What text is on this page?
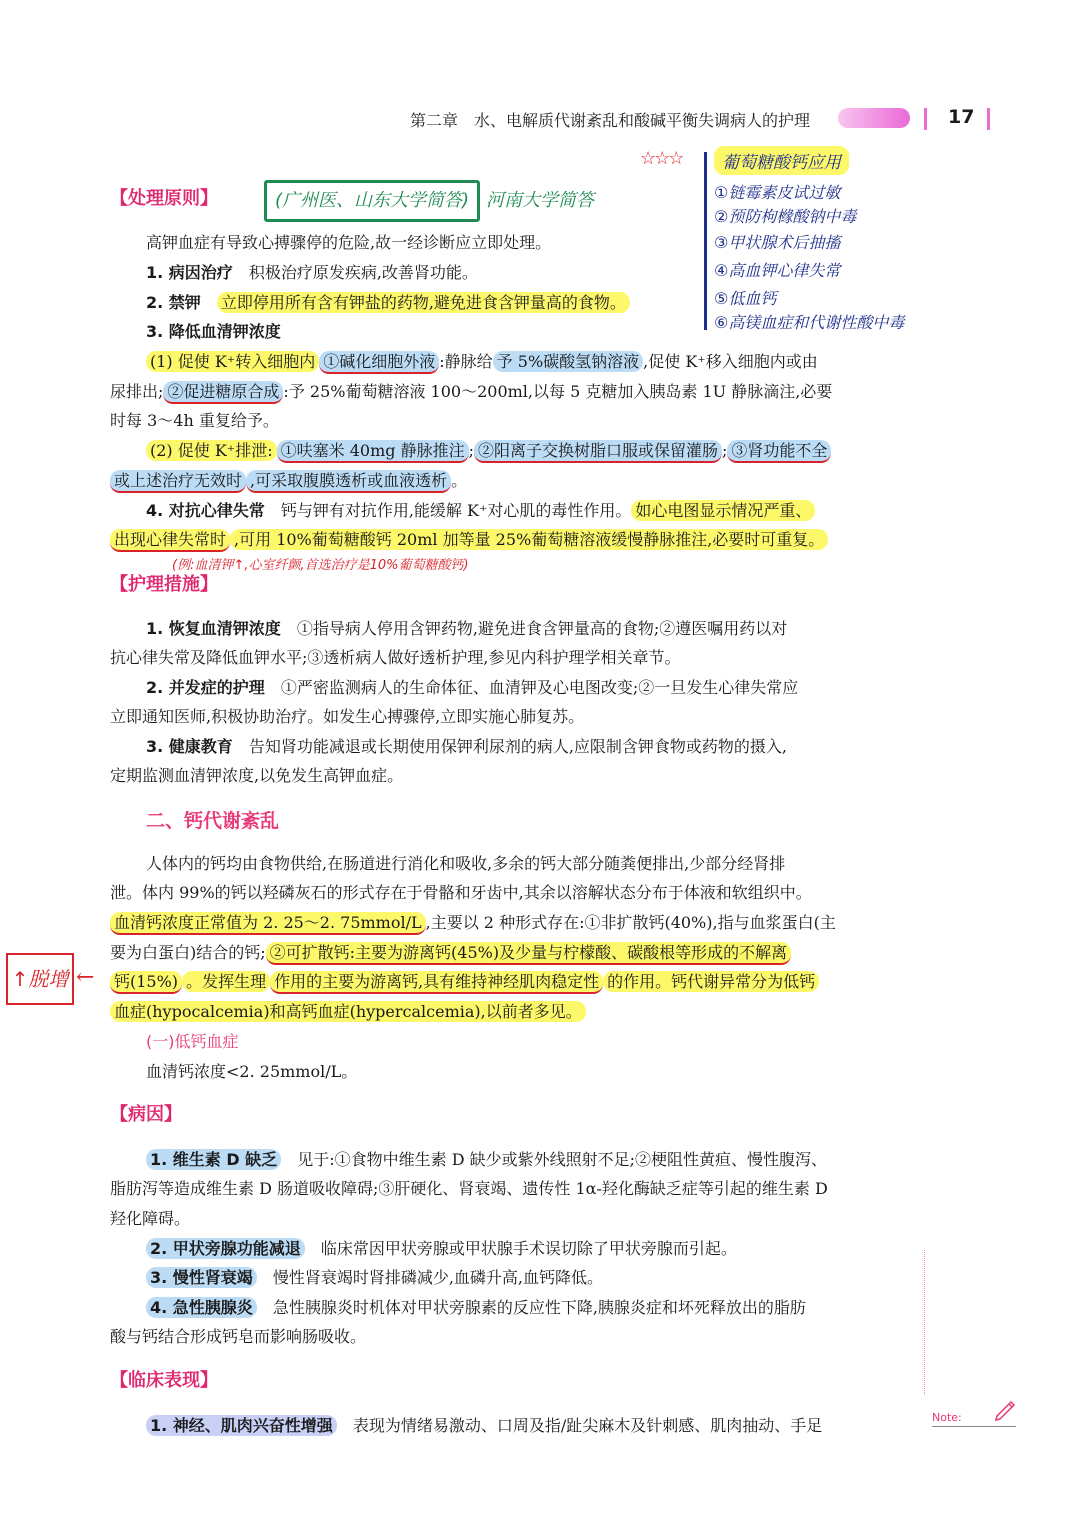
第二章　水、电解质代谢紊乱和酸碱平衡失调病人的护理	17
☆☆☆	葡萄糖酸钙应用
①链霉素皮试过敏
②预防枸橼酸钠中毒
③甲状腺术后抽搐
④高血钾心律失常
⑤低血钙
⑥高镁血症和代谢性酸中毒
【处理原则】	(广州医、山东大学简答) 河南大学简答
高钾血症有导致心搏骤停的危险,故一经诊断应立即处理。
1. 病因治疗　 积极治疗原发疾病,改善肾功能。
2. 禁钾　 立即停用所有含有钾盐的药物,避免进食含钾量高的食物。
3. 降低血清钾浓度
(1) 促使 K⁺转入细胞内 ①碱化细胞外液 :静脉给 予 5%碳酸氢钠溶液 ,促使 K⁺移入细胞内或由
尿排出; ②促进糖原合成 :予 25%葡萄糖溶液 100～200ml,以每 5 克糖加入胰岛素 1U 静脉滴注,必要
时每 3～4h 重复给予。
(2) 促使 K⁺排泄: ①呋塞米 40mg 静脉推注 ; ②阳离子交换树脂口服或保留灌肠 ; ③肾功能不全
或上述治疗无效时 ,可采取腹膜透析或血液透析 。
4. 对抗心律失常　 钙与钾有对抗作用,能缓解 K⁺对心肌的毒性作用。 如心电图显示情况严重、
出现心律失常时 ,可用 10%葡萄糖酸钙 20ml 加等量 25%葡萄糖溶液缓慢静脉推注,必要时可重复。
(例:血清钾↑,心室纤颤,首选治疗是10%葡萄糖酸钙)
【护理措施】
1. 恢复血清钾浓度　 ①指导病人停用含钾药物,避免进食含钾量高的食物;②遵医嘱用药以对
抗心律失常及降低血钾水平;③透析病人做好透析护理,参见内科护理学相关章节。
2. 并发症的护理　 ①严密监测病人的生命体征、血清钾及心电图改变;②一旦发生心律失常应
立即通知医师,积极协助治疗。如发生心搏骤停,立即实施心肺复苏。
3. 健康教育　 告知肾功能减退或长期使用保钾利尿剂的病人,应限制含钾食物或药物的摄入,
定期监测血清钾浓度,以免发生高钾血症。
二、钙代谢紊乱
人体内的钙均由食物供给,在肠道进行消化和吸收,多余的钙大部分随粪便排出,少部分经肾排
泄。体内 99%的钙以羟磷灰石的形式存在于骨骼和牙齿中,其余以溶解状态分布于体液和软组织中。
血清钙浓度正常值为 2. 25～2. 75mmol/L ,主要以 2 种形式存在:①非扩散钙(40%),指与血浆蛋白(主
要为白蛋白)结合的钙; ②可扩散钙:主要为游离钙(45%)及少量与柠檬酸、碳酸根等形成的不解离
钙(15%) 。发挥生理 作用的主要为游离钙,具有维持神经肌肉稳定性 的作用。钙代谢异常分为低钙
血症(hypocalcemia)和高钙血症(hypercalcemia),以前者多见。
↑脱增 ←
(一)低钙血症
血清钙浓度<2. 25mmol/L。
【病因】
1. 维生素 D 缺乏　 见于:①食物中维生素 D 缺少或紫外线照射不足;②梗阻性黄疸、慢性腹泻、
脂肪泻等造成维生素 D 肠道吸收障碍;③肝硬化、肾衰竭、遗传性 1α-羟化酶缺乏症等引起的维生素 D
羟化障碍。
2. 甲状旁腺功能减退　 临床常因甲状旁腺或甲状腺手术误切除了甲状旁腺而引起。
3. 慢性肾衰竭　 慢性肾衰竭时肾排磷减少,血磷升高,血钙降低。
4. 急性胰腺炎　 急性胰腺炎时机体对甲状旁腺素的反应性下降,胰腺炎症和坏死释放出的脂肪
酸与钙结合形成钙皂而影响肠吸收。
【临床表现】
1. 神经、肌肉兴奋性增强　 表现为情绪易激动、口周及指/趾尖麻木及针刺感、肌肉抽动、手足	Note:
